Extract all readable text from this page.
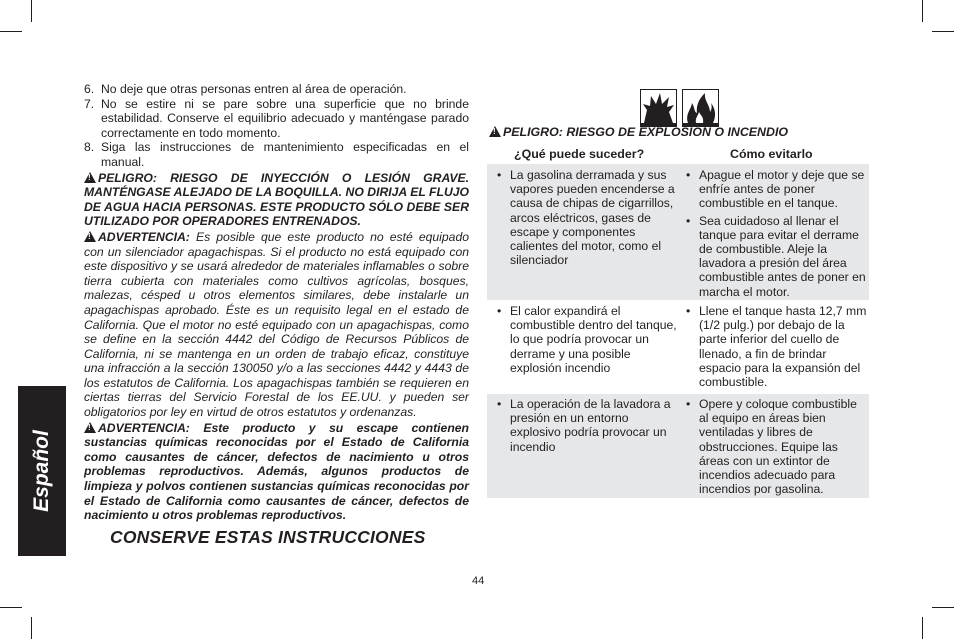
Español
6. No deje que otras personas entren al área de operación.
7. No se estire ni se pare sobre una superficie que no brinde estabilidad. Conserve el equilibrio adecuado y manténgase parado correctamente en todo momento.
8. Siga las instrucciones de mantenimiento especificadas en el manual.
!PELIGRO: RIESGO DE INYECCIÓN O LESIÓN GRAVE. MANTÉNGASE ALEJADO DE LA BOQUILLA. NO DIRIJA EL FLUJO DE AGUA HACIA PERSONAS. ESTE PRODUCTO SÓLO DEBE SER UTILIZADO POR OPERADORES ENTRENADOS.
!ADVERTENCIA: Es posible que este producto no esté equipado con un silenciador apagachispas. Si el producto no está equipado con este dispositivo y se usará alrededor de materiales inflamables o sobre tierra cubierta con materiales como cultivos agrícolas, bosques, malezas, césped u otros elementos similares, debe instalarle un apagachispas aprobado. Éste es un requisito legal en el estado de California. Que el motor no esté equipado con un apagachispas, como se define en la sección 4442 del Código de Recursos Públicos de California, ni se mantenga en un orden de trabajo eficaz, constituye una infracción a la sección 130050 y/o a las secciones 4442 y 4443 de los estatutos de California. Los apagachispas también se requieren en ciertas tierras del Servicio Forestal de los EE.UU. y pueden ser obligatorios por ley en virtud de otros estatutos y ordenanzas.
!ADVERTENCIA: Este producto y su escape contienen sustancias químicas reconocidas por el Estado de California como causantes de cáncer, defectos de nacimiento u otros problemas reproductivos. Además, algunos productos de limpieza y polvos contienen sustancias químicas reconocidas por el Estado de California como causantes de cáncer, defectos de nacimiento u otros problemas reproductivos.
CONSERVE ESTAS INSTRUCCIONES
!PELIGRO: RIESGO DE EXPLOSIÓN O INCENDIO
¿Qué puede suceder?	Cómo evitarlo
• La gasolina derramada y sus vapores pueden encenderse a causa de chipas de cigarrillos, arcos eléctricos, gases de escape y componentes calientes del motor, como el silenciador
• Apague el motor y deje que se enfríe antes de poner combustible en el tanque.
• Sea cuidadoso al llenar el tanque para evitar el derrame de combustible. Aleje la lavadora a presión del área combustible antes de poner en marcha el motor.
• El calor expandirá el combustible dentro del tanque, lo que podría provocar un derrame y una posible explosión incendio
• Llene el tanque hasta 12,7 mm (1/2 pulg.) por debajo de la parte inferior del cuello de llenado, a fin de brindar espacio para la expansión del combustible.
• La operación de la lavadora a presión en un entorno explosivo podría provocar un incendio
• Opere y coloque combustible al equipo en áreas bien ventiladas y libres de obstrucciones. Equipe las áreas con un extintor de incendios adecuado para incendios por gasolina.
44
